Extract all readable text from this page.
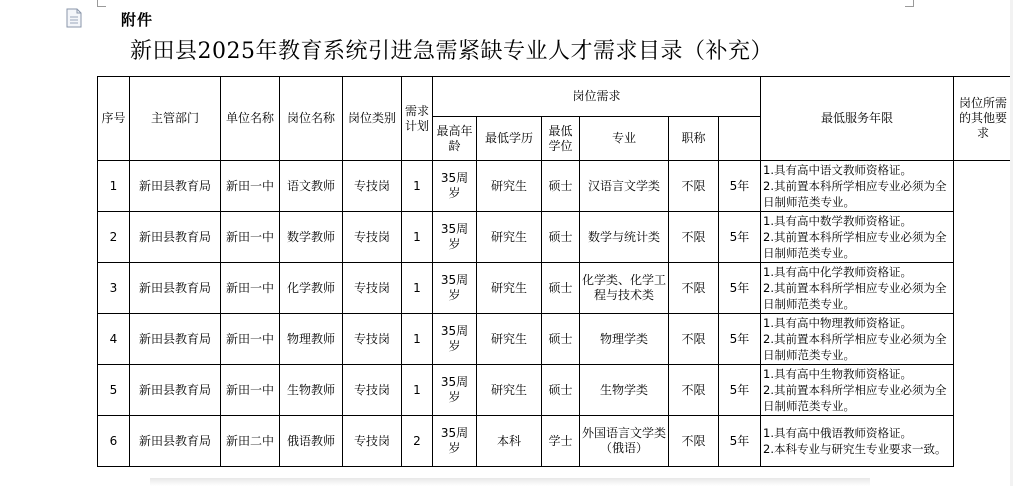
附件
新田县2025年教育系统引进急需紧缺专业人才需求目录（补充）
序号	主管部门	单位名称	岗位名称	岗位类别	需求计划	岗位需求						最低服务年限	岗位所需的其他要求
						最高年龄	最低学历	最低学位	专业	职称			
1	新田县教育局	新田一中	语文教师	专技岗	1	35周岁	研究生	硕士	汉语言文学类	不限	5年	1.具有高中语文教师资格证。
2.其前置本科所学相应专业必须为全日制师范类专业。	

2	新田县教育局	新田一中	数学教师	专技岗	1	35周岁	研究生	硕士	数学与统计类	不限	5年	1.具有高中数学教师资格证。
2.其前置本科所学相应专业必须为全日制师范类专业。	

3	新田县教育局	新田一中	化学教师	专技岗	1	35周岁	研究生	硕士	化学类、化学工程与技术类	不限	5年	1.具有高中化学教师资格证。
2.其前置本科所学相应专业必须为全日制师范类专业。	

4	新田县教育局	新田一中	物理教师	专技岗	1	35周岁	研究生	硕士	物理学类	不限	5年	1.具有高中物理教师资格证。
2.其前置本科所学相应专业必须为全日制师范类专业。	

5	新田县教育局	新田一中	生物教师	专技岗	1	35周岁	研究生	硕士	生物学类	不限	5年	1.具有高中生物教师资格证。
2.其前置本科所学相应专业必须为全日制师范类专业。	

6	新田县教育局	新田二中	俄语教师	专技岗	2	35周岁	本科	学士	外国语言文学类（俄语）	不限	5年	1.具有高中俄语教师资格证。
2.本科专业与研究生专业要求一致。	
